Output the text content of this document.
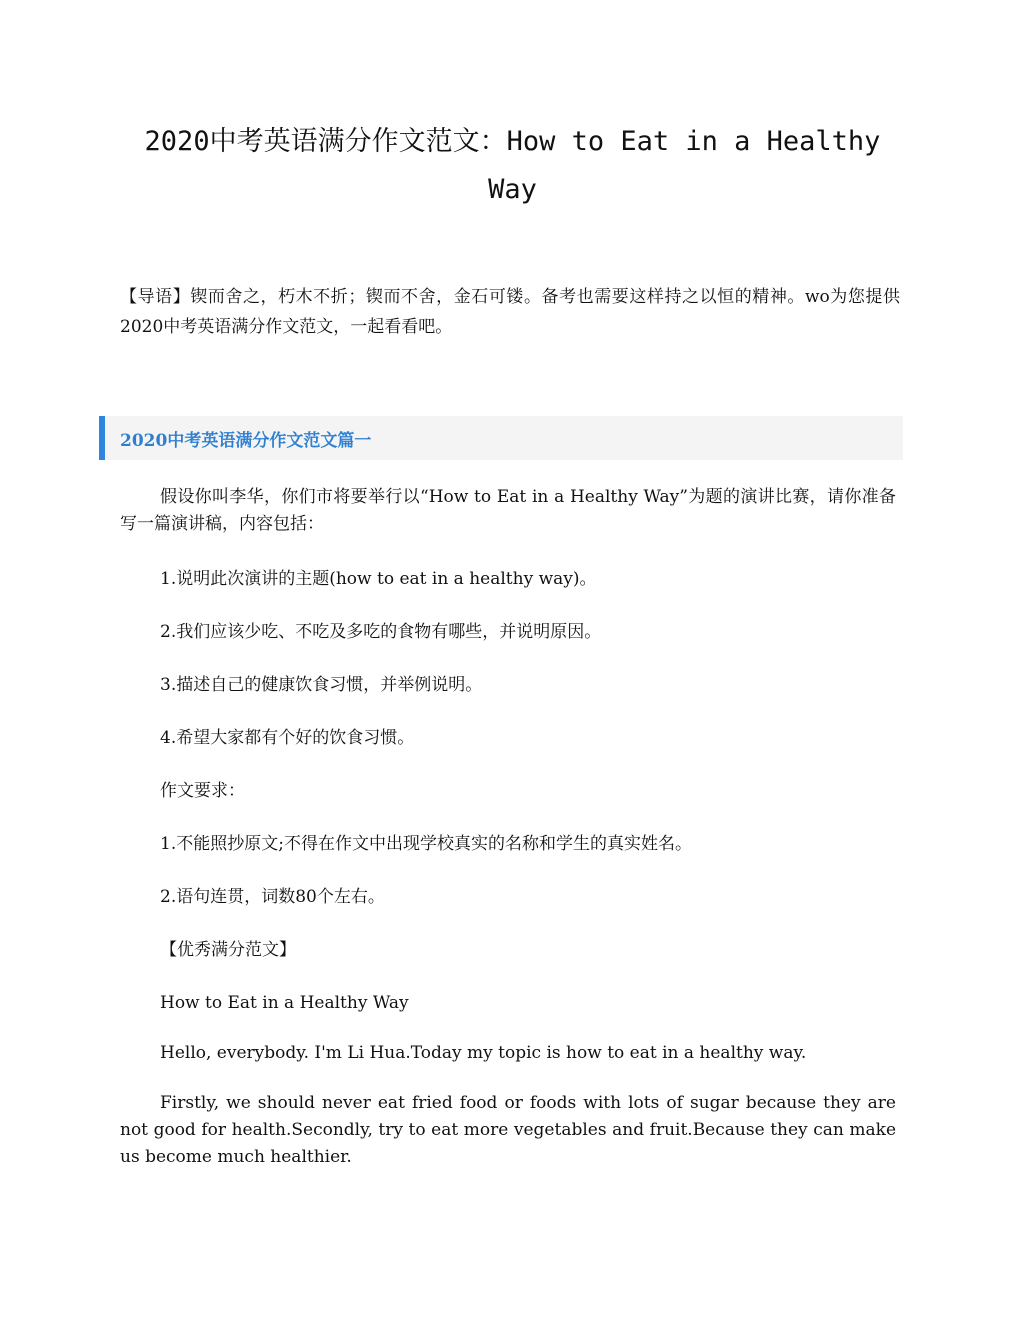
2020中考英语满分作文范文：How to Eat in a Healthy Way

【导语】锲而舍之，朽木不折；锲而不舍，金石可镂。备考也需要这样持之以恒的精神。wo为您提供2020中考英语满分作文范文，一起看看吧。

2020中考英语满分作文范文篇一

假设你叫李华，你们市将要举行以“How to Eat in a Healthy Way”为题的演讲比赛，请你准备写一篇演讲稿，内容包括：

1.说明此次演讲的主题(how to eat in a healthy way)。

2.我们应该少吃、不吃及多吃的食物有哪些，并说明原因。

3.描述自己的健康饮食习惯，并举例说明。

4.希望大家都有个好的饮食习惯。

作文要求：

1.不能照抄原文;不得在作文中出现学校真实的名称和学生的真实姓名。

2.语句连贯，词数80个左右。

【优秀满分范文】

How to Eat in a Healthy Way

Hello, everybody. I'm Li Hua.Today my topic is how to eat in a healthy way.

Firstly, we should never eat fried food or foods with lots of sugar because they are not good for health.Secondly, try to eat more vegetables and fruit.Because they can make us become much healthier.
